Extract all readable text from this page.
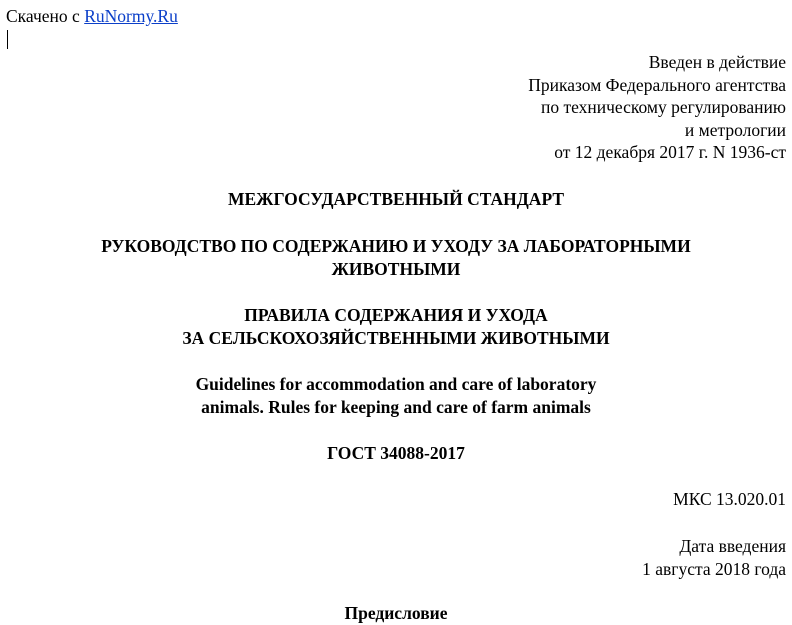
Скачено с RuNormy.Ru
Введен в действие
Приказом Федерального агентства
по техническому регулированию
и метрологии
от 12 декабря 2017 г. N 1936-ст
МЕЖГОСУДАРСТВЕННЫЙ СТАНДАРТ
РУКОВОДСТВО ПО СОДЕРЖАНИЮ И УХОДУ ЗА ЛАБОРАТОРНЫМИ
ЖИВОТНЫМИ
ПРАВИЛА СОДЕРЖАНИЯ И УХОДА
ЗА СЕЛЬСКОХОЗЯЙСТВЕННЫМИ ЖИВОТНЫМИ
Guidelines for accommodation and care of laboratory
animals. Rules for keeping and care of farm animals
ГОСТ 34088-2017
МКС 13.020.01
Дата введения
1 августа 2018 года
Предисловие
